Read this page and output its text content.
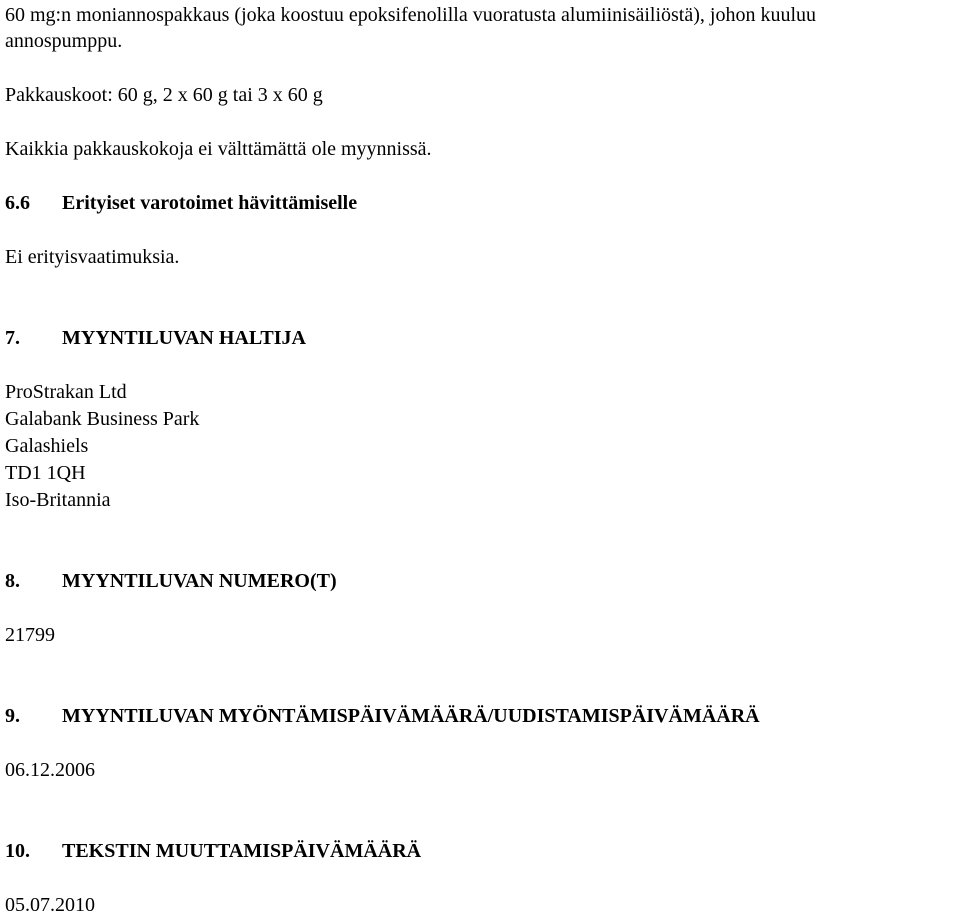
60 mg:n moniannospakkaus (joka koostuu epoksifenolilla vuoratusta alumiinisäiliöstä), johon kuuluu
annospumppu.
Pakkauskoot: 60 g, 2 x 60 g tai 3 x 60 g
Kaikkia pakkauskokoja ei välttämättä ole myynnissä.
6.6 Erityiset varotoimet hävittämiselle
Ei erityisvaatimuksia.
7. MYYNTILUVAN HALTIJA
ProStrakan Ltd
Galabank Business Park
Galashiels
TD1 1QH
Iso-Britannia
8. MYYNTILUVAN NUMERO(T)
21799
9. MYYNTILUVAN MYÖNTÄMISPÄIVÄMÄÄRÄ/UUDISTAMISPÄIVÄMÄÄRÄ
06.12.2006
10. TEKSTIN MUUTTAMISPÄIVÄMÄÄRÄ
05.07.2010
